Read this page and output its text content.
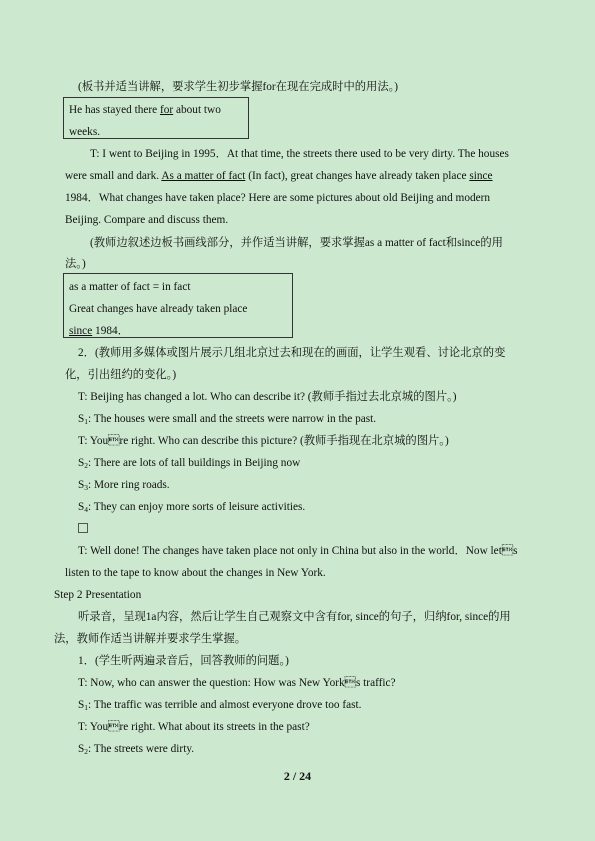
(板书并适当讲解，要求学生初步掌握for在现在完成时中的用法。)
He has stayed there for about two
weeks.
T: I went to Beijing in 1995．At that time, the streets there used to be very dirty. The houses
were small and dark. As a matter of fact (In fact), great changes have already taken place since
1984．What changes have taken place? Here are some pictures about old Beijing and modern
Beijing. Compare and discuss them.
(教师边叙述边板书画线部分，并作适当讲解，要求掌握as a matter of fact和since的用
法。)
as a matter of fact = in fact
Great changes have already taken place
since 1984．
2．(教师用多媒体或图片展示几组北京过去和现在的画面，让学生观看、讨论北京的变
化，引出纽约的变化。)
T: Beijing has changed a lot. Who can describe it? (教师手指过去北京城的图片。)
$S_1$: The houses were small and the streets were narrow in the past.
T: Youre right. Who can describe this picture? (教师手指现在北京城的图片。)
$S_2$: There are lots of tall buildings in Beijing now
$S_3$: More ring roads.
$S_4$: They can enjoy more sorts of leisure activities.
T: Well done! The changes have taken place not only in China but also in the world．Now lets
listen to the tape to know about the changes in New York.
Step 2 Presentation
听录音，呈现1a内容，然后让学生自己观察文中含有for, since的句子，归纳for, since的用
法，教师作适当讲解并要求学生掌握。
1．(学生听两遍录音后，回答教师的问题。)
T: Now, who can answer the question: How was New Yorks traffic?
$S_1$: The traffic was terrible and almost everyone drove too fast.
T: Youre right. What about its streets in the past?
$S_2$: The streets were dirty.
2 / 24
